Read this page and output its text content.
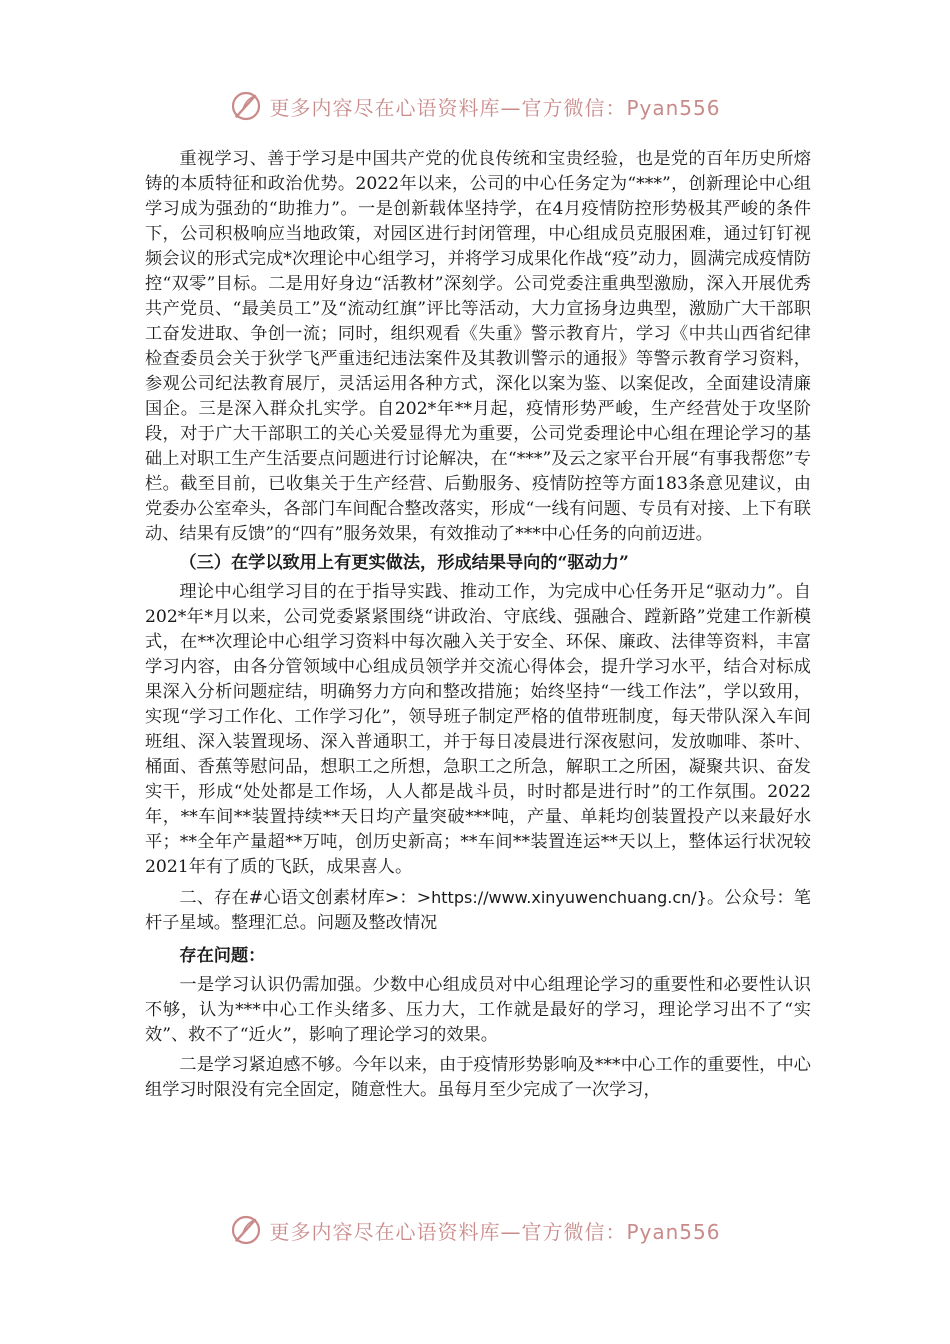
更多内容尽在心语资料库—官方微信：Pyan556

重视学习、善于学习是中国共产党的优良传统和宝贵经验，也是党的百年历史所熔铸的本质特征和政治优势。2022年以来，公司的中心任务定为“***”，创新理论中心组学习成为强劲的“助推力”。一是创新载体坚持学，在4月疫情防控形势极其严峻的条件下，公司积极响应当地政策，对园区进行封闭管理，中心组成员克服困难，通过钉钉视频会议的形式完成*次理论中心组学习，并将学习成果化作战“疫”动力，圆满完成疫情防控“双零”目标。二是用好身边“活教材”深刻学。公司党委注重典型激励，深入开展优秀共产党员、“最美员工”及“流动红旗”评比等活动，大力宣扬身边典型，激励广大干部职工奋发进取、争创一流；同时，组织观看《失重》警示教育片，学习《中共山西省纪律检查委员会关于狄学飞严重违纪违法案件及其教训警示的通报》等警示教育学习资料，参观公司纪法教育展厅，灵活运用各种方式，深化以案为鉴、以案促改，全面建设清廉国企。三是深入群众扎实学。自202*年**月起，疫情形势严峻，生产经营处于攻坚阶段，对于广大干部职工的关心关爱显得尤为重要，公司党委理论中心组在理论学习的基础上对职工生产生活要点问题进行讨论解决，在“***”及云之家平台开展“有事我帮您”专栏。截至目前，已收集关于生产经营、后勤服务、疫情防控等方面183条意见建议，由党委办公室牵头，各部门车间配合整改落实，形成“一线有问题、专员有对接、上下有联动、结果有反馈”的“四有”服务效果，有效推动了***中心任务的向前迈进。

（三）在学以致用上有更实做法，形成结果导向的“驱动力”

理论中心组学习目的在于指导实践、推动工作，为完成中心任务开足“驱动力”。自202*年*月以来，公司党委紧紧围绕“讲政治、守底线、强融合、蹚新路”党建工作新模式，在**次理论中心组学习资料中每次融入关于安全、环保、廉政、法律等资料，丰富学习内容，由各分管领域中心组成员领学并交流心得体会，提升学习水平，结合对标成果深入分析问题症结，明确努力方向和整改措施；始终坚持“一线工作法”，学以致用，实现“学习工作化、工作学习化”，领导班子制定严格的值带班制度，每天带队深入车间班组、深入装置现场、深入普通职工，并于每日凌晨进行深夜慰问，发放咖啡、茶叶、桶面、香蕉等慰问品，想职工之所想，急职工之所急，解职工之所困，凝聚共识、奋发实干，形成“处处都是工作场，人人都是战斗员，时时都是进行时”的工作氛围。2022年，**车间**装置持续**天日均产量突破***吨，产量、单耗均创装置投产以来最好水平；**全年产量超**万吨，创历史新高；**车间**装置连运**天以上，整体运行状况较2021年有了质的飞跃，成果喜人。

二、存在#心语文创素材库>：>https://www.xinyuwenchuang.cn/}。公众号：笔杆子星域。整理汇总。问题及整改情况

存在问题：

一是学习认识仍需加强。少数中心组成员对中心组理论学习的重要性和必要性认识不够，认为***中心工作头绪多、压力大，工作就是最好的学习，理论学习出不了“实效”、救不了“近火”，影响了理论学习的效果。

二是学习紧迫感不够。今年以来，由于疫情形势影响及***中心工作的重要性，中心组学习时限没有完全固定，随意性大。虽每月至少完成了一次学习，

更多内容尽在心语资料库—官方微信：Pyan556
